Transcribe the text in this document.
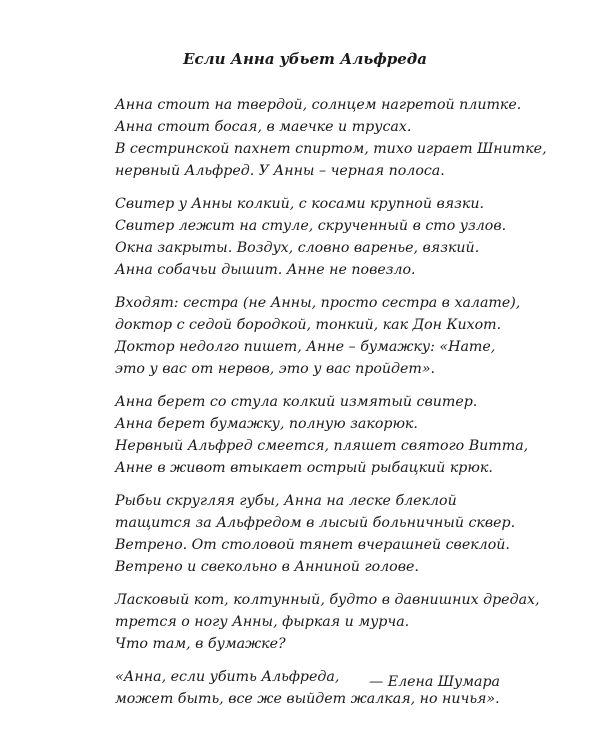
Если Анна убьет Альфреда
Анна стоит на твердой, солнцем нагретой плитке.
Анна стоит босая, в маечке и трусах.
В сестринской пахнет спиртом, тихо играет Шнитке,
нервный Альфред. У Анны – черная полоса.
Свитер у Анны колкий, с косами крупной вязки.
Свитер лежит на стуле, скрученный в сто узлов.
Окна закрыты. Воздух, словно варенье, вязкий.
Анна собачьи дышит. Анне не повезло.
Входят: сестра (не Анны, просто сестра в халате),
доктор с седой бородкой, тонкий, как Дон Кихот.
Доктор недолго пишет, Анне – бумажку: «Нате,
это у вас от нервов, это у вас пройдет».
Анна берет со стула колкий измятый свитер.
Анна берет бумажку, полную закорюк.
Нервный Альфред смеется, пляшет святого Витта,
Анне в живот втыкает острый рыбацкий крюк.
Рыбьи скругляя губы, Анна на леске блеклой
тащится за Альфредом в лысый больничный сквер.
Ветрено. От столовой тянет вчерашней свеклой.
Ветрено и свекольно в Анниной голове.
Ласковый кот, колтунный, будто в давнишних дредах,
трется о ногу Анны, фыркая и мурча.
Что там, в бумажке?
«Анна, если убить Альфреда,
может быть, все же выйдет жалкая, но ничья».
— Елена Шумара
